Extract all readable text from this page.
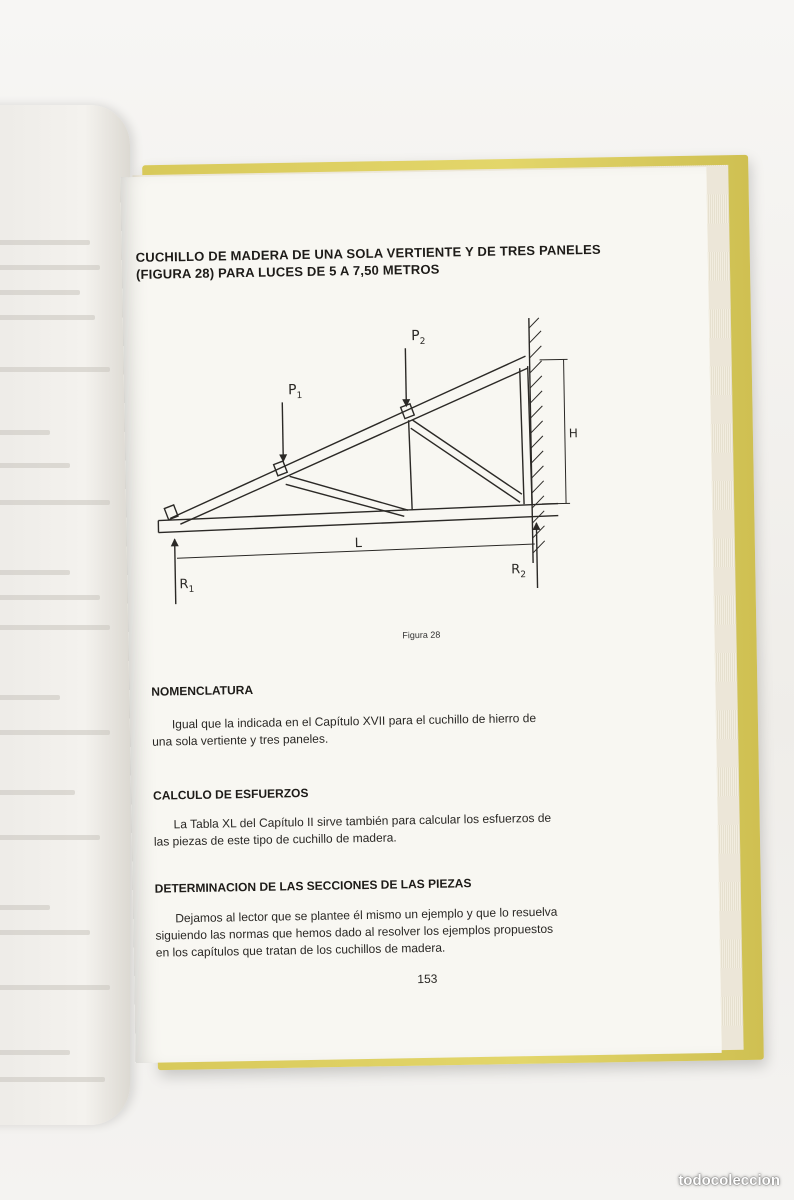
CUCHILLO DE MADERA DE UNA SOLA VERTIENTE Y DE TRES PANELES
(FIGURA 28) PARA LUCES DE 5 A 7,50 METROS
$P_1$
$P_2$
H
L
$R_1$
$R_2$
Figura 28
NOMENCLATURA

Igual que la indicada en el Capítulo XVII para el cuchillo de hierro de
una sola vertiente y tres paneles.

CALCULO DE ESFUERZOS

La Tabla XL del Capítulo II sirve también para calcular los esfuerzos de
las piezas de este tipo de cuchillo de madera.

DETERMINACION DE LAS SECCIONES DE LAS PIEZAS

Dejamos al lector que se plantee él mismo un ejemplo y que lo resuelva
siguiendo las normas que hemos dado al resolver los ejemplos propuestos
en los capítulos que tratan de los cuchillos de madera.

153
todocoleccion
